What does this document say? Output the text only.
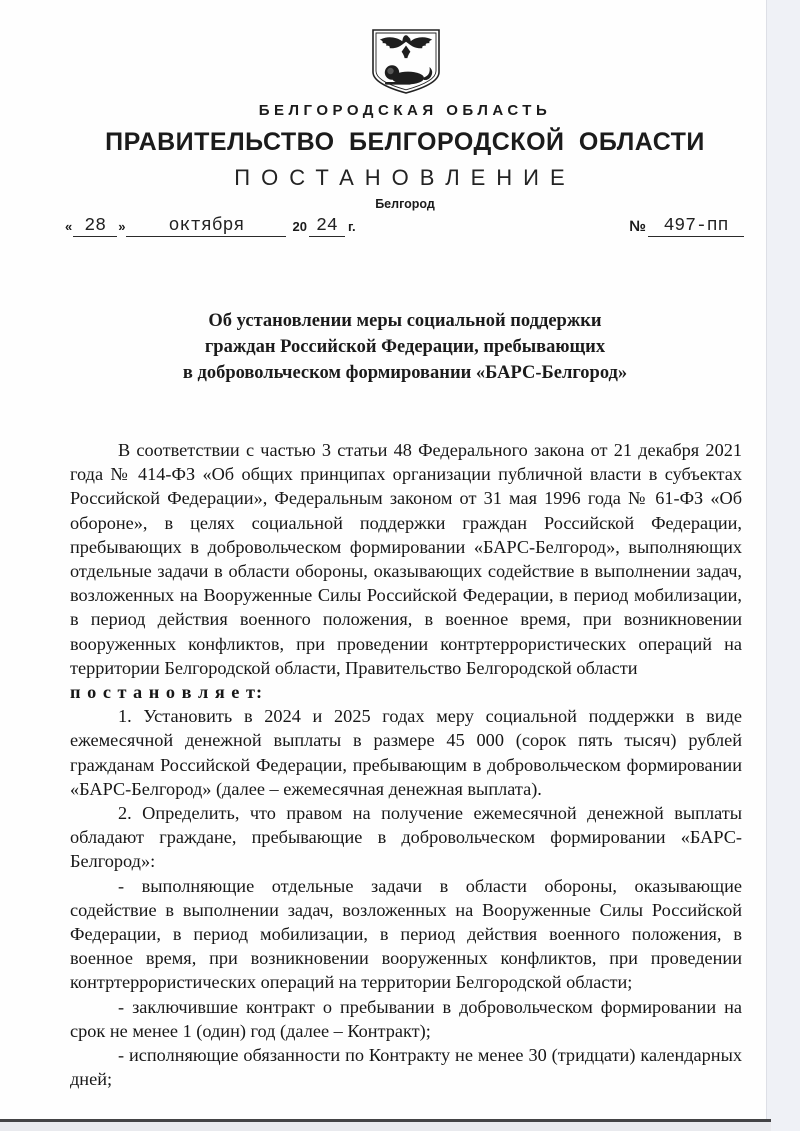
БЕЛГОРОДСКАЯ ОБЛАСТЬ
ПРАВИТЕЛЬСТВО БЕЛГОРОДСКОЙ ОБЛАСТИ
ПОСТАНОВЛЕНИЕ
Белгород
« 28 »	октября	20 24 г.	№ 497-пп
Об установлении меры социальной поддержки
граждан Российской Федерации, пребывающих
в добровольческом формировании «БАРС-Белгород»

В соответствии с частью 3 статьи 48 Федерального закона от 21 декабря 2021 года № 414-ФЗ «Об общих принципах организации публичной власти в субъектах Российской Федерации», Федеральным законом от 31 мая 1996 года № 61-ФЗ «Об обороне», в целях социальной поддержки граждан Российской Федерации, пребывающих в добровольческом формировании «БАРС-Белгород», выполняющих отдельные задачи в области обороны, оказывающих содействие в выполнении задач, возложенных на Вооруженные Силы Российской Федерации, в период мобилизации, в период действия военного положения, в военное время, при возникновении вооруженных конфликтов, при проведении контртеррористических операций на территории Белгородской области, Правительство Белгородской области
п о с т а н о в л я е т:

1. Установить в 2024 и 2025 годах меру социальной поддержки в виде ежемесячной денежной выплаты в размере 45 000 (сорок пять тысяч) рублей гражданам Российской Федерации, пребывающим в добровольческом формировании «БАРС-Белгород» (далее – ежемесячная денежная выплата).

2. Определить, что правом на получение ежемесячной денежной выплаты обладают граждане, пребывающие в добровольческом формировании «БАРС-Белгород»:

- выполняющие отдельные задачи в области обороны, оказывающие содействие в выполнении задач, возложенных на Вооруженные Силы Российской Федерации, в период мобилизации, в период действия военного положения, в военное время, при возникновении вооруженных конфликтов, при проведении контртеррористических операций на территории Белгородской области;

- заключившие контракт о пребывании в добровольческом формировании на срок не менее 1 (один) год (далее – Контракт);

- исполняющие обязанности по Контракту не менее 30 (тридцати) календарных дней;
